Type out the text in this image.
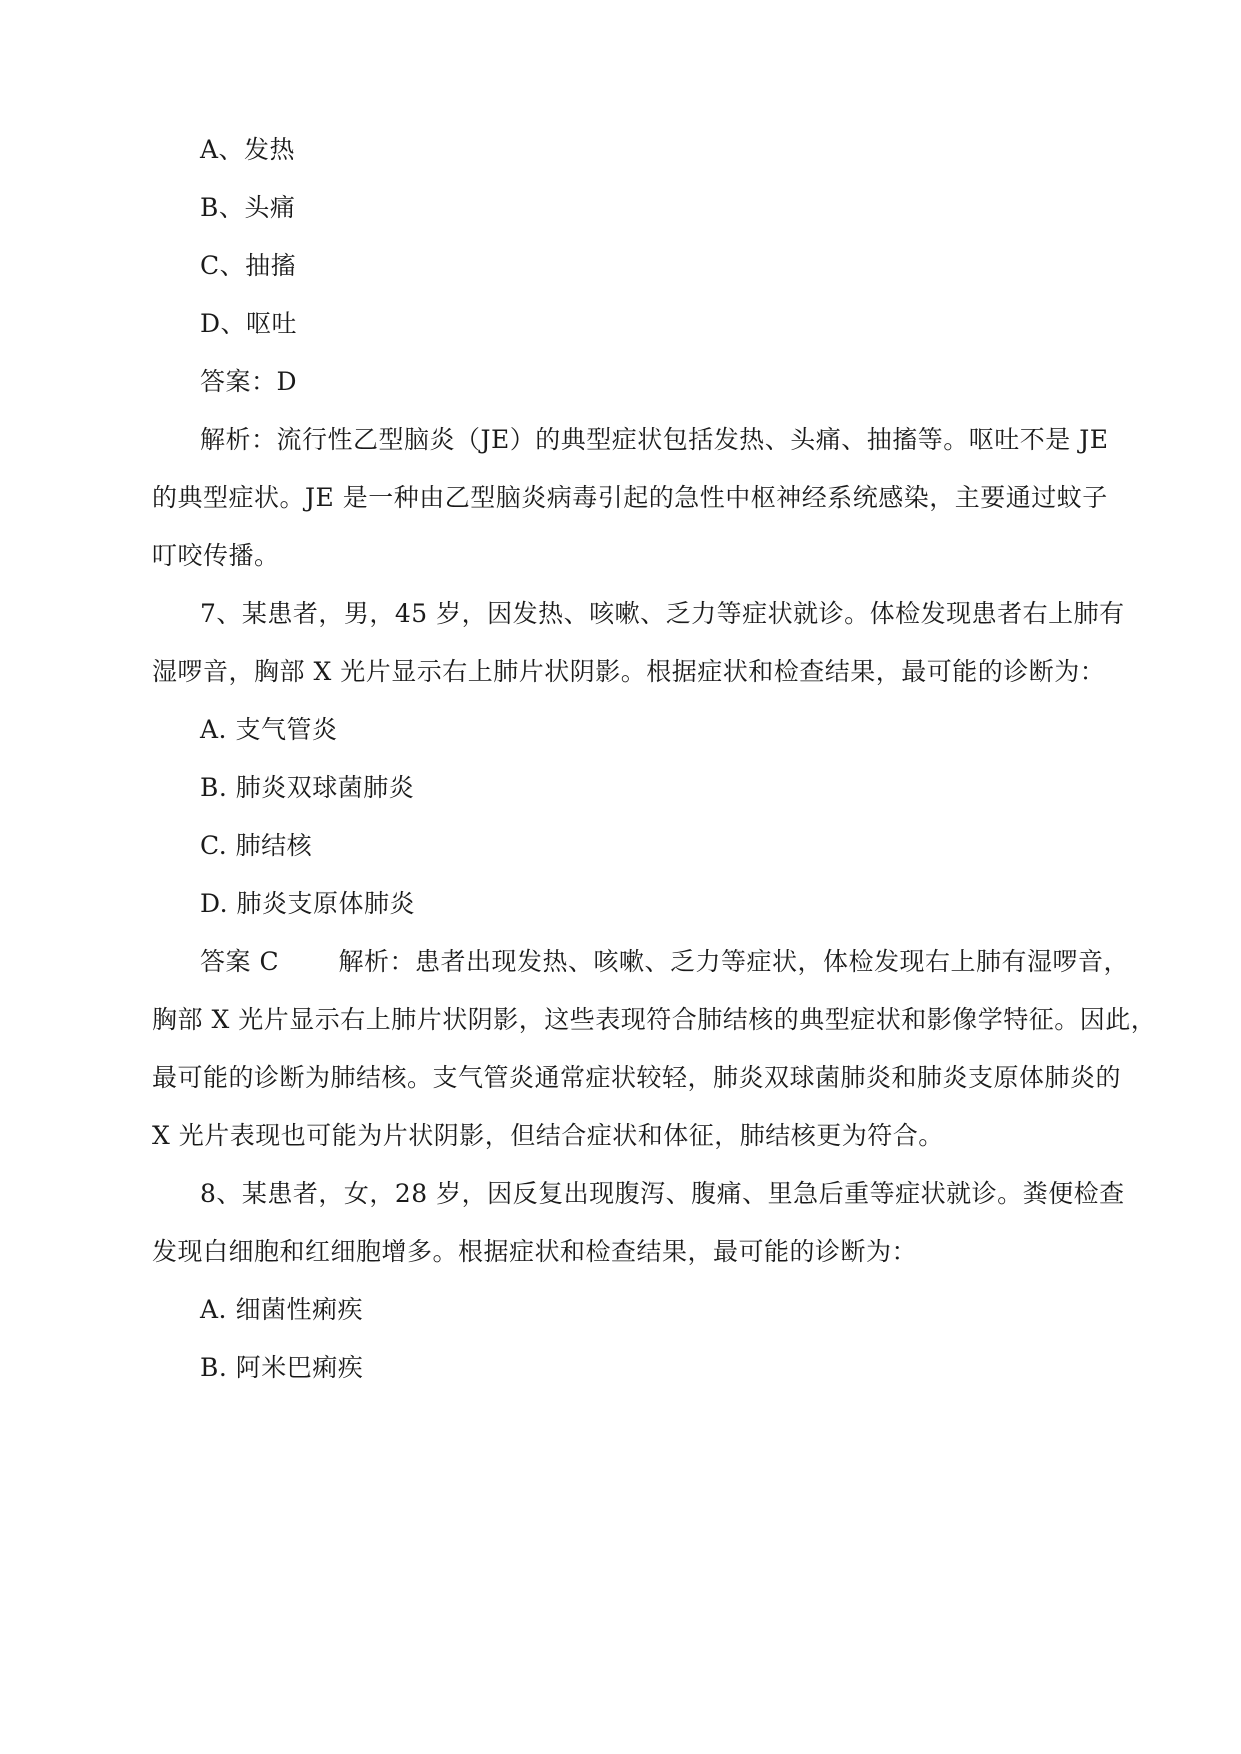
A、发热
B、头痛
C、抽搐
D、呕吐
答案：D
解析：流行性乙型脑炎（JE）的典型症状包括发热、头痛、抽搐等。呕吐不是 JE
的典型症状。JE 是一种由乙型脑炎病毒引起的急性中枢神经系统感染，主要通过蚊子
叮咬传播。
7、某患者，男，45 岁，因发热、咳嗽、乏力等症状就诊。体检发现患者右上肺有
湿啰音，胸部 X 光片显示右上肺片状阴影。根据症状和检查结果，最可能的诊断为：
A. 支气管炎
B. 肺炎双球菌肺炎
C. 肺结核
D. 肺炎支原体肺炎
答案 C　　 解析：患者出现发热、咳嗽、乏力等症状，体检发现右上肺有湿啰音，
胸部 X 光片显示右上肺片状阴影，这些表现符合肺结核的典型症状和影像学特征。因此，
最可能的诊断为肺结核。支气管炎通常症状较轻，肺炎双球菌肺炎和肺炎支原体肺炎的
X 光片表现也可能为片状阴影，但结合症状和体征，肺结核更为符合。
8、某患者，女，28 岁，因反复出现腹泻、腹痛、里急后重等症状就诊。粪便检查
发现白细胞和红细胞增多。根据症状和检查结果，最可能的诊断为：
A. 细菌性痢疾
B. 阿米巴痢疾
